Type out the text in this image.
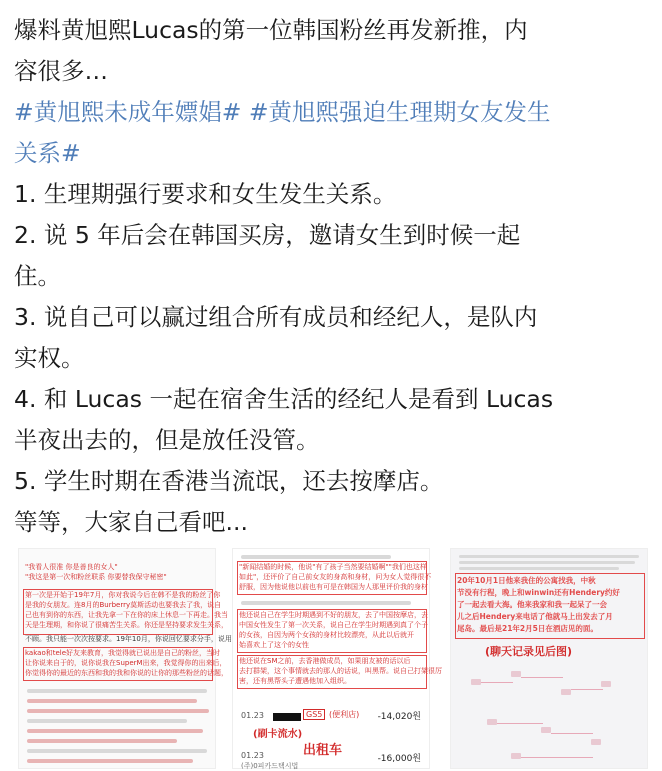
爆料黄旭熙Lucas的第一位韩国粉丝再发新推，内
容很多…
#黄旭熙未成年嫖娼# #黄旭熙强迫生理期女友发生
关系#
1. 生理期强行要求和女生发生关系。
2. 说 5 年后会在韩国买房，邀请女生到时候一起
住。
3. 说自己可以赢过组合所有成员和经纪人，是队内
实权。
4. 和 Lucas 一起在宿舍生活的经纪人是看到 Lucas
半夜出去的，但是放任没管。
5. 学生时期在香港当流氓，还去按摩店。
等等，大家自己看吧...
"我看人很准 你是善良的女人"
"我这是第一次和粉丝联系 你要替我保守秘密"
第一次是开始于19年7月，你对我说今后在韩不是我的粉丝了你
是我的女朋友。连8月的Burberry莫斯活动也要我去了我，说自
己也有到你的东西，让我先拿一下在你的床上休息一下再走。我当
天是生理期，和你说了很痛苦生关系。你还是坚持要求发生关系，
不顾。我只能一次次按要求。19年10月，你说回忆要求分手，说用
kakao和tele好友来教育，我觉得就已说出是自己的粉丝，当时
让你说来自于的，说你说我在SuperM出来，我觉得你的出来后，
你觉得你的最近的东西和我的我和你说的让你的那些粉丝的话题，
"新闻结婚的时候，他说"有了孩子当然要结婚啊""我们也这样
如此"，还评价了自己前女友的身高和身材，问为女人觉得很不
舒服，因为他说他以前也有可是在韩国为人那里评价我的身材
他还说自己在学生时期遇到不好的朋友，去了中国按摩店，去
中国女性发生了第一次关系，说自己在学生时期遇到真了个子
的女孩，自因为两个女孩的身材比较漂亮，从此以后就开
始喜欢上了这个的女性
他还说在SM之前，去香港做成员，如果朋友被的话以后
去打群架，这个事情就去的那人的话说，叫黑帮。说自己打架很厉
害，还有黑帮头子遭遇他加入组织。
01.23	GS5 (便利店) -14,020원
(刷卡流水)
出租车
01.23	-16,000원
(주)0피카드택시법
20年10月1日他来我住的公寓找我，中秋
节没有行程，晚上和winwin还有Hendery约好
了一起去看大海。他来我家和我一起呆了一会
儿之后Hendery来电话了他就马上出发去了月
尾岛。最后是21年2月5日在酒店见的面。
(聊天记录见后图)
